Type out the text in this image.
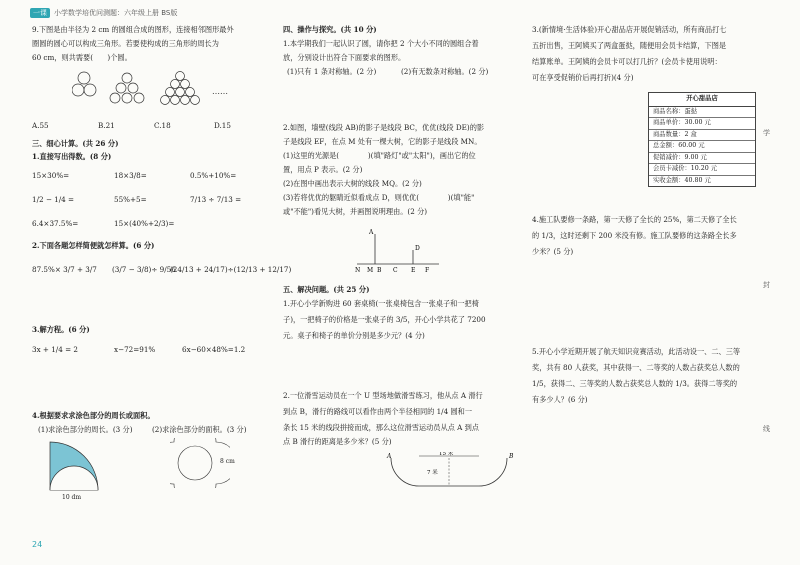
一课 小学数学培优问测题：六年级上册 BS版
9.下图是由半径为 2 cm 的圆组合成的图形，连接相邻图形最外
圈圆的圆心可以构成三角形。若要使构成的三角形的周长为
60 cm，则共需要(　　)个圆。
……
A.55	B.21	C.18	D.15
三、细心计算。(共 26 分)
1.直接写出得数。(8 分)
15×30%=	18×3/8=	0.5%+10%=
1/2 − 1/4 =	55%+5=	7/13 ÷ 7/13 =
6.4×37.5%=	15×(40%+2/3)=
2.下面各题怎样简便就怎样算。(6 分)
87.5%× 3/7 + 3/7 (3/7 − 3/8)÷ 9/56
(24/13 + 24/17)÷(12/13 + 12/17)
3.解方程。(6 分)
3x + 1/4 = 2	x−72=91%	6x−60×48%=1.2
4.根据要求求涂色部分的周长或面积。
(1)求涂色部分的周长。(3 分)	(2)求涂色部分的面积。(3 分)
10 dm
8 cm
四、操作与探究。(共 10 分)
1.本学期我们一起认识了圆，请你把 2 个大小不同的圆组合着
放，分别设计出符合下面要求的图形。
(1)只有 1 条对称轴。(2 分)	(2)有无数条对称轴。(2 分)
2.如图，墙壁(线段 AB)的影子是线段 BC，优优(线段 DE)的影
子是线段 EF，在点 M 处有一棵大树，它的影子是线段 MN。
(1)这里的光源是(　　　　)(填"路灯"或"太阳")，画出它的位
置，用点 P 表示。(2 分)
(2)在图中画出表示大树的线段 MQ。(2 分)
(3)若将优优的躯睛近似看成点 D，则优优(　　　　)(填"能"
或"不能")看见大树，并画图说明理由。(2 分)
A
D
N M B C E F
五、解决问题。(共 25 分)
1.开心小学新购进 60 套桌椅(一张桌椅包含一张桌子和一把椅
子)，一把椅子的价格是一张桌子的 3/5，开心小学共花了 7200
元。桌子和椅子的单价分别是多少元？(4 分)
2.一位滑雪运动员在一个 U 型场地做滑雪练习，他从点 A 滑行
到点 B，滑行的路线可以看作由两个半径相同的 1/4 圆和一
条长 15 米的线段拼接而成，那么这位滑雪运动员从点 A 到点
点 B 滑行的距离是多少米？(5 分)
A	B
15 米
7 米
3.(新情境·生活体验)开心甜品店开展促销活动，所有商品打七
五折出售，王阿姨买了两盒蛋挞，随便用会员卡结算，下图是
结算账单。王阿姨的会员卡可以打几折？(会员卡使用说明：
可在享受促销价后再打折)(4 分)
4.施工队要修一条路，第一天修了全长的 25%，第二天修了全长
的 1/3，这时还剩下 200 米没有修。施工队要修的这条路全长多
少米？(5 分)
5.开心小学近期开展了航天知识竞赛活动，此活动设一、二、三等
奖，共有 80 人获奖，其中获得一、二等奖的人数占获奖总人数的
1/5，获得二、三等奖的人数占获奖总人数的 1/3。获得二等奖的
有多少人？(6 分)
开心甜品店
商品名称：蛋挞
商品单价：30.00 元
商品数量：2 盒
总金额：60.00 元
促销减价：9.00 元
会员卡减价：10.20 元
实收金额：40.80 元
学
封
线
24
